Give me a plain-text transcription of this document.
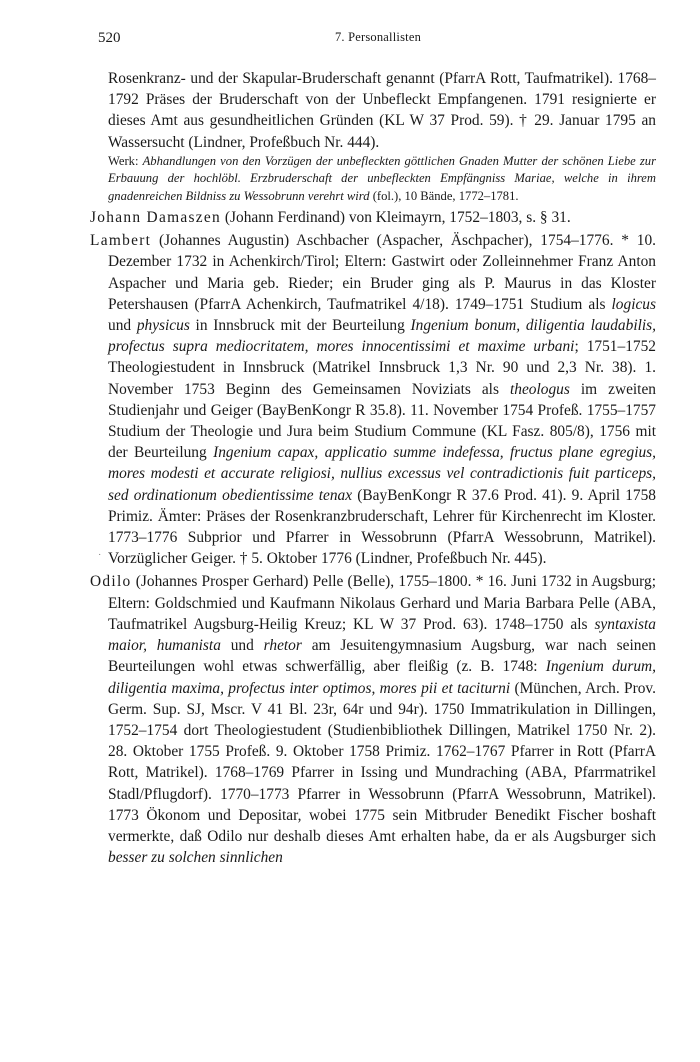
520	7. Personallisten
˙

Rosenkranz- und der Skapular-Bruderschaft genannt (PfarrA Rott, Taufmatrikel). 1768–1792 Präses der Bruderschaft von der Unbefleckt Empfangenen. 1791 resignierte er dieses Amt aus gesundheitlichen Gründen (KL W 37 Prod. 59). † 29. Januar 1795 an Wassersucht (Lindner, Profeßbuch Nr. 444).

Werk: Abhandlungen von den Vorzügen der unbefleckten göttlichen Gnaden Mutter der schönen Liebe zur Erbauung der hochlöbl. Erzbruderschaft der unbefleckten Empfängniss Mariae, welche in ihrem gnadenreichen Bildniss zu Wessobrunn verehrt wird (fol.), 10 Bände, 1772–1781.

Johann Damaszen (Johann Ferdinand) von Kleimayrn, 1752–1803, s. § 31.

Lambert (Johannes Augustin) Aschbacher (Aspacher, Äschpacher), 1754–1776. * 10. Dezember 1732 in Achenkirch/Tirol; Eltern: Gastwirt oder Zolleinnehmer Franz Anton Aspacher und Maria geb. Rieder; ein Bruder ging als P. Maurus in das Kloster Petershausen (PfarrA Achenkirch, Taufmatrikel 4/18). 1749–1751 Studium als logicus und physicus in Innsbruck mit der Beurteilung Ingenium bonum, diligentia laudabilis, profectus supra mediocritatem, mores innocentissimi et maxime urbani; 1751–1752 Theologiestudent in Innsbruck (Matrikel Innsbruck 1,3 Nr. 90 und 2,3 Nr. 38). 1. November 1753 Beginn des Gemeinsamen Noviziats als theologus im zweiten Studienjahr und Geiger (BayBenKongr R 35.8). 11. November 1754 Profeß. 1755–1757 Studium der Theologie und Jura beim Studium Commune (KL Fasz. 805/8), 1756 mit der Beurteilung Ingenium capax, applicatio summe indefessa, fructus plane egregius, mores modesti et accurate religiosi, nullius excessus vel contradictionis fuit particeps, sed ordinationum obedientissime tenax (BayBenKongr R 37.6 Prod. 41). 9. April 1758 Primiz. Ämter: Präses der Rosenkranzbruderschaft, Lehrer für Kirchenrecht im Kloster. 1773–1776 Subprior und Pfarrer in Wessobrunn (PfarrA Wessobrunn, Matrikel). Vorzüglicher Geiger. † 5. Oktober 1776 (Lindner, Profeßbuch Nr. 445).

Odilo (Johannes Prosper Gerhard) Pelle (Belle), 1755–1800. * 16. Juni 1732 in Augsburg; Eltern: Goldschmied und Kaufmann Nikolaus Gerhard und Maria Barbara Pelle (ABA, Taufmatrikel Augsburg-Heilig Kreuz; KL W 37 Prod. 63). 1748–1750 als syntaxista maior, humanista und rhetor am Jesuitengymnasium Augsburg, war nach seinen Beurteilungen wohl etwas schwerfällig, aber fleißig (z. B. 1748: Ingenium durum, diligentia maxima, profectus inter optimos, mores pii et taciturni (München, Arch. Prov. Germ. Sup. SJ, Mscr. V 41 Bl. 23r, 64r und 94r). 1750 Immatrikulation in Dillingen, 1752–1754 dort Theologiestudent (Studienbibliothek Dillingen, Matrikel 1750 Nr. 2). 28. Oktober 1755 Profeß. 9. Oktober 1758 Primiz. 1762–1767 Pfarrer in Rott (PfarrA Rott, Matrikel). 1768–1769 Pfarrer in Issing und Mundraching (ABA, Pfarrmatrikel Stadl/Pflugdorf). 1770–1773 Pfarrer in Wessobrunn (PfarrA Wessobrunn, Matrikel). 1773 Ökonom und Depositar, wobei 1775 sein Mitbruder Benedikt Fischer boshaft vermerkte, daß Odilo nur deshalb dieses Amt erhalten habe, da er als Augsburger sich besser zu solchen sinnlichen
